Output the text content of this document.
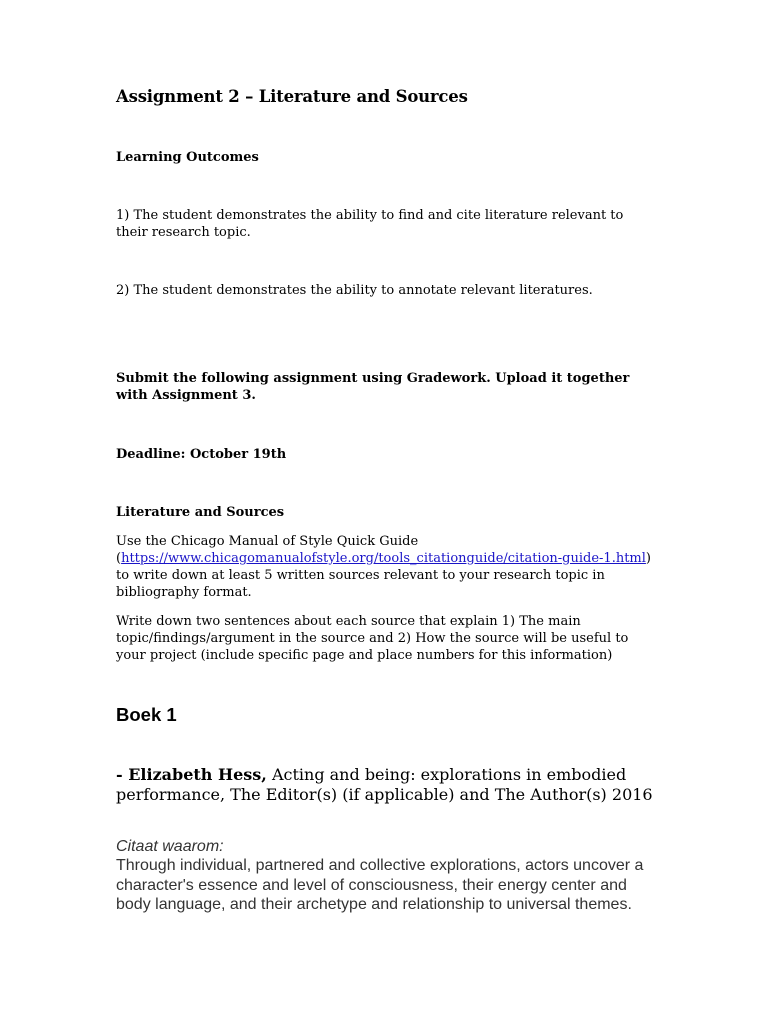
Assignment 2 – Literature and Sources
Learning Outcomes

1) The student demonstrates the ability to find and cite literature relevant to their research topic.

2) The student demonstrates the ability to annotate relevant literatures.

Submit the following assignment using Gradework. Upload it together with Assignment 3.

Deadline: October 19th

Literature and Sources

Use the Chicago Manual of Style Quick Guide (https://www.chicagomanualofstyle.org/tools_citationguide/citation-guide-1.html) to write down at least 5 written sources relevant to your research topic in bibliography format.

Write down two sentences about each source that explain 1) The main topic/findings/argument in the source and 2) How the source will be useful to your project (include specific page and place numbers for this information)

Boek 1

- Elizabeth Hess, Acting and being: explorations in embodied performance, The Editor(s) (if applicable) and The Author(s) 2016

Citaat waarom:

Through individual, partnered and collective explorations, actors uncover a character's essence and level of consciousness, their energy center and body language, and their archetype and relationship to universal themes.
